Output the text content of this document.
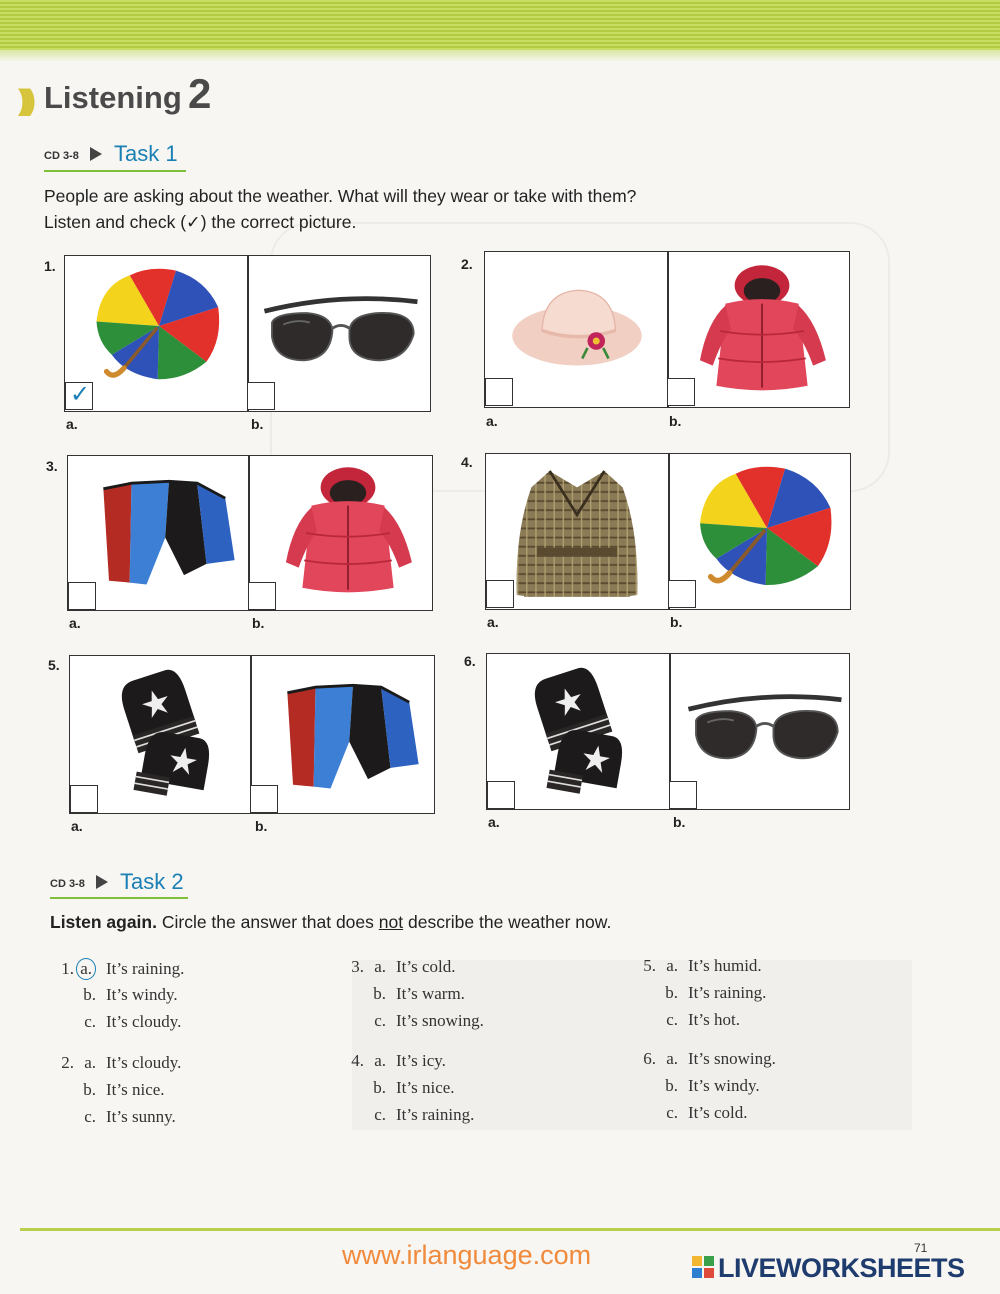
))) Listening 2
CD 3-8 Task 1
People are asking about the weather. What will they wear or take with them?
Listen and check (✓) the correct picture.
1.
✓
a.	b.
2.
a.	b.
3.
a.	b.
4.
a.	b.
5.
a.	b.
6.
a.	b.
CD 3-8 Task 2
Listen again. Circle the answer that does not describe the weather now.
1. a. It’s raining.
b. It’s windy.
c. It’s cloudy.
2. a. It’s cloudy.
b. It’s nice.
c. It’s sunny.
3. a. It’s cold.
b. It’s warm.
c. It’s snowing.
4. a. It’s icy.
b. It’s nice.
c. It’s raining.
5. a. It’s humid.
b. It’s raining.
c. It’s hot.
6. a. It’s snowing.
b. It’s windy.
c. It’s cold.
71
www.irlanguage.com	LIVEWORKSHEETS
